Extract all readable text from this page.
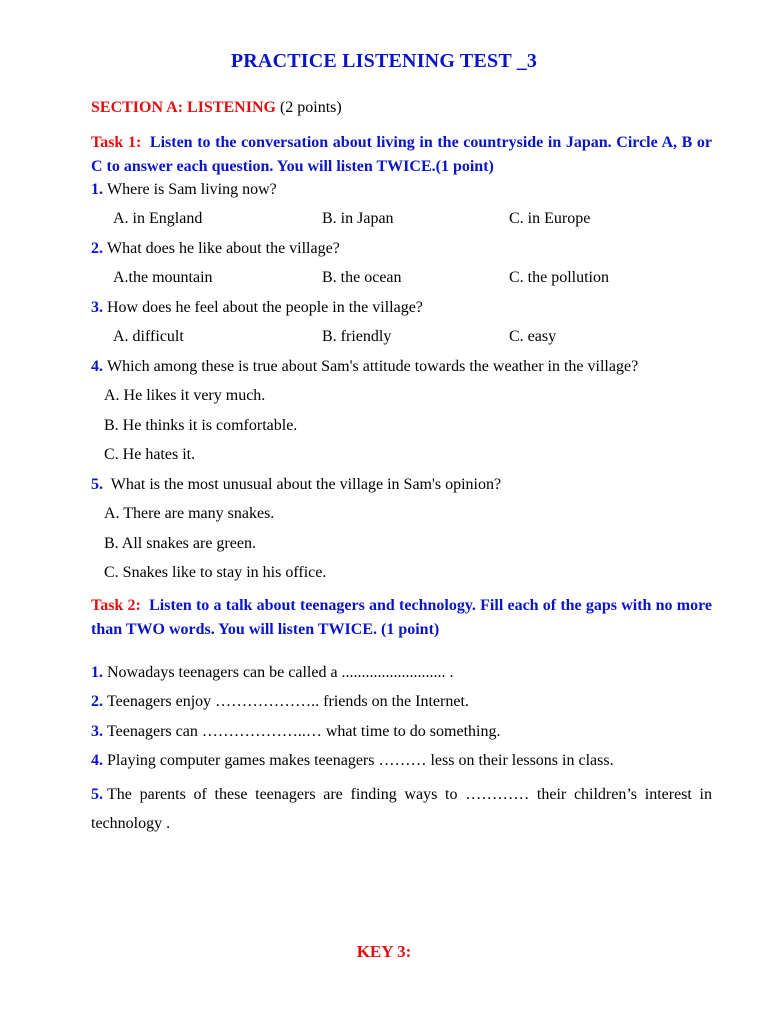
PRACTICE LISTENING TEST _3
SECTION A: LISTENING (2 points)
Task 1: Listen to the conversation about living in the countryside in Japan. Circle A, B or C to answer each question. You will listen TWICE.(1 point)
1. Where is Sam living now?
A. in England	B. in Japan	C. in Europe
2. What does he like about the village?
A.the mountain	B. the ocean	C. the pollution
3. How does he feel about the people in the village?
A. difficult	B. friendly	C. easy
4. Which among these is true about Sam's attitude towards the weather in the village?
A. He likes it very much.
B. He thinks it is comfortable.
C. He hates it.
5. What is the most unusual about the village in Sam's opinion?
A. There are many snakes.
B. All snakes are green.
C. Snakes like to stay in his office.
Task 2: Listen to a talk about teenagers and technology. Fill each of the gaps with no more than TWO words. You will listen TWICE. (1 point)
1. Nowadays teenagers can be called a .......................... .
2. Teenagers enjoy ……………….. friends on the Internet.
3. Teenagers can ………………..… what time to do something.
4. Playing computer games makes teenagers ……… less on their lessons in class.
5. The parents of these teenagers are finding ways to ………… their children’s interest in technology .
KEY 3:
